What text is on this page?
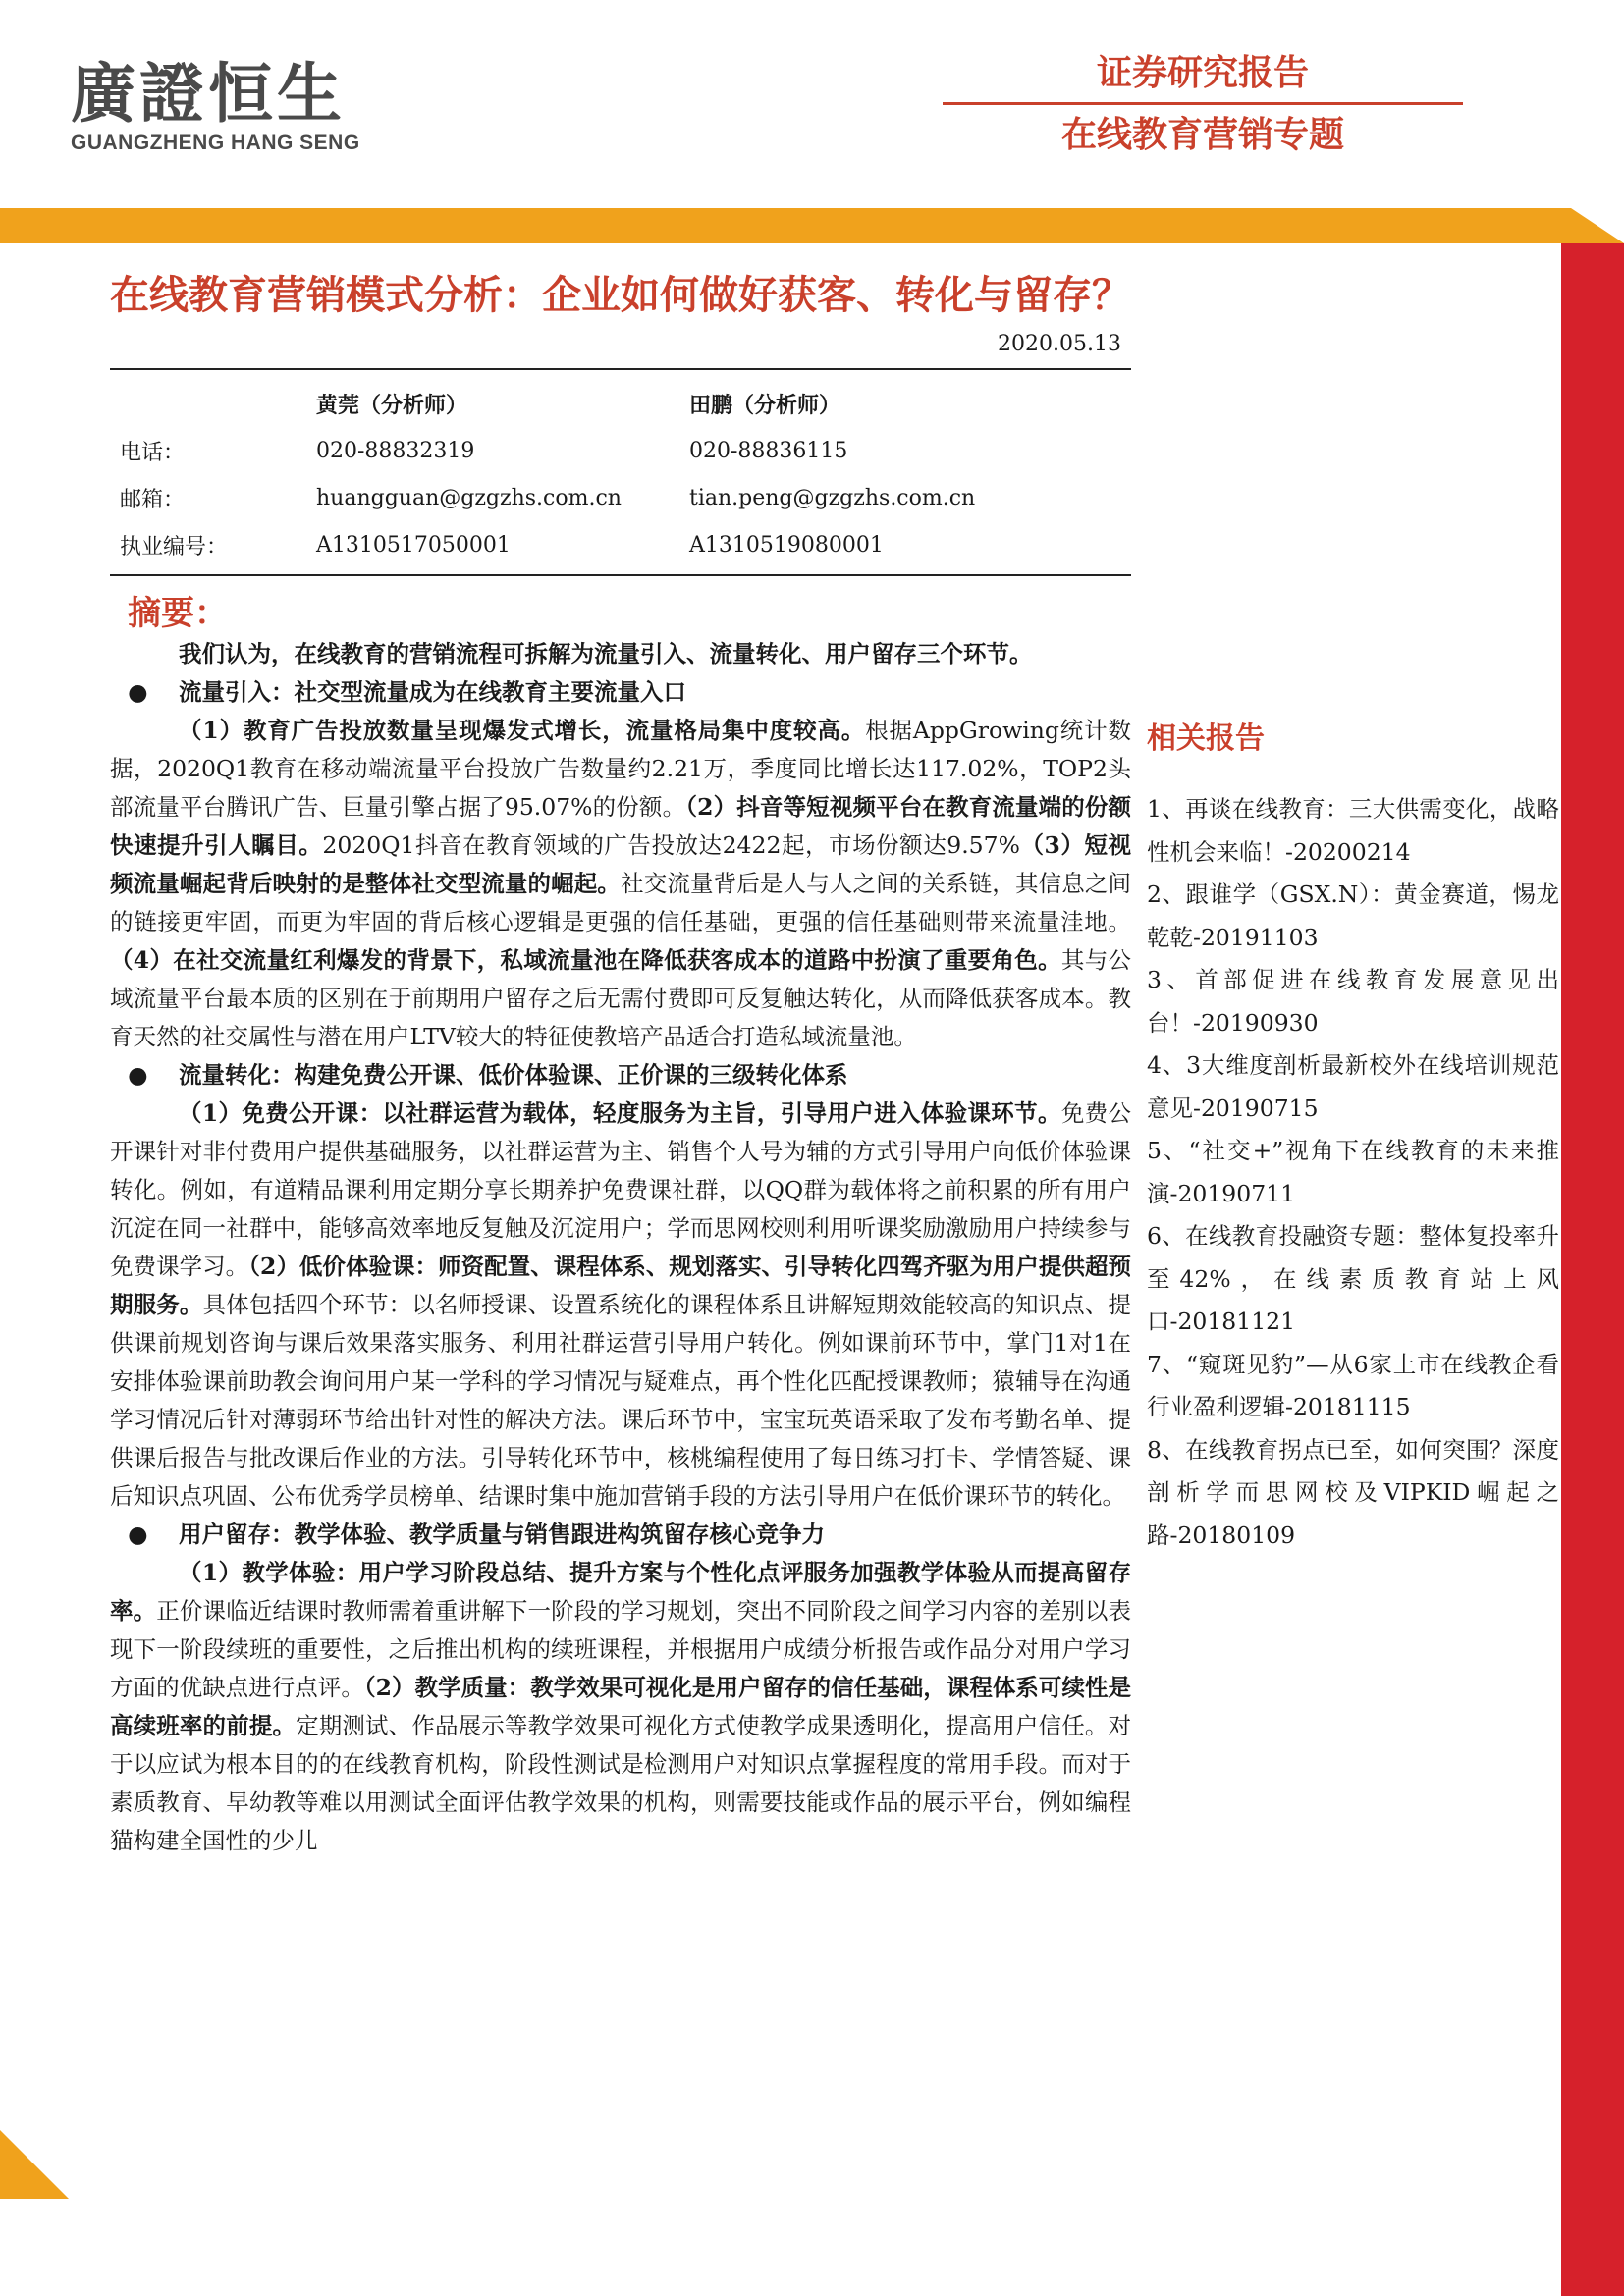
廣證恒生
GUANGZHENG HANG SENG
证券研究报告
在线教育营销专题
在线教育营销模式分析：企业如何做好获客、转化与留存？
2020.05.13
黄莞（分析师）	田鹏（分析师）
电话：	020-88832319	020-88836115
邮箱：	huangguan@gzgzhs.com.cn	tian.peng@gzgzhs.com.cn
执业编号：	A1310517050001	A1310519080001
摘要：
我们认为，在线教育的营销流程可拆解为流量引入、流量转化、用户留存三个环节。
●	流量引入：社交型流量成为在线教育主要流量入口
（1）教育广告投放数量呈现爆发式增长，流量格局集中度较高。根据AppGrowing统计数据，2020Q1教育在移动端流量平台投放广告数量约2.21万，季度同比增长达117.02%，TOP2头部流量平台腾讯广告、巨量引擎占据了95.07%的份额。（2）抖音等短视频平台在教育流量端的份额快速提升引人瞩目。2020Q1抖音在教育领域的广告投放达2422起，市场份额达9.57%（3）短视频流量崛起背后映射的是整体社交型流量的崛起。社交流量背后是人与人之间的关系链，其信息之间的链接更牢固，而更为牢固的背后核心逻辑是更强的信任基础，更强的信任基础则带来流量洼地。（4）在社交流量红利爆发的背景下，私域流量池在降低获客成本的道路中扮演了重要角色。其与公域流量平台最本质的区别在于前期用户留存之后无需付费即可反复触达转化，从而降低获客成本。教育天然的社交属性与潜在用户LTV较大的特征使教培产品适合打造私域流量池。
●	流量转化：构建免费公开课、低价体验课、正价课的三级转化体系
（1）免费公开课：以社群运营为载体，轻度服务为主旨，引导用户进入体验课环节。免费公开课针对非付费用户提供基础服务，以社群运营为主、销售个人号为辅的方式引导用户向低价体验课转化。例如，有道精品课利用定期分享长期养护免费课社群，以QQ群为载体将之前积累的所有用户沉淀在同一社群中，能够高效率地反复触及沉淀用户；学而思网校则利用听课奖励激励用户持续参与免费课学习。（2）低价体验课：师资配置、课程体系、规划落实、引导转化四驾齐驱为用户提供超预期服务。具体包括四个环节：以名师授课、设置系统化的课程体系且讲解短期效能较高的知识点、提供课前规划咨询与课后效果落实服务、利用社群运营引导用户转化。例如课前环节中，掌门1对1在安排体验课前助教会询问用户某一学科的学习情况与疑难点，再个性化匹配授课教师；猿辅导在沟通学习情况后针对薄弱环节给出针对性的解决方法。课后环节中，宝宝玩英语采取了发布考勤名单、提供课后报告与批改课后作业的方法。引导转化环节中，核桃编程使用了每日练习打卡、学情答疑、课后知识点巩固、公布优秀学员榜单、结课时集中施加营销手段的方法引导用户在低价课环节的转化。
●	用户留存：教学体验、教学质量与销售跟进构筑留存核心竞争力
（1）教学体验：用户学习阶段总结、提升方案与个性化点评服务加强教学体验从而提高留存率。正价课临近结课时教师需着重讲解下一阶段的学习规划，突出不同阶段之间学习内容的差别以表现下一阶段续班的重要性，之后推出机构的续班课程，并根据用户成绩分析报告或作品分对用户学习方面的优缺点进行点评。（2）教学质量：教学效果可视化是用户留存的信任基础，课程体系可续性是高续班率的前提。定期测试、作品展示等教学效果可视化方式使教学成果透明化，提高用户信任。对于以应试为根本目的的在线教育机构，阶段性测试是检测用户对知识点掌握程度的常用手段。而对于素质教育、早幼教等难以用测试全面评估教学效果的机构，则需要技能或作品的展示平台，例如编程猫构建全国性的少儿
相关报告
1、再谈在线教育：三大供需变化，战略性机会来临！-20200214
2、跟谁学（GSX.N）：黄金赛道，惕龙乾乾-20191103
3、首部促进在线教育发展意见出台！-20190930
4、3大维度剖析最新校外在线培训规范意见-20190715
5、“社交+”视角下在线教育的未来推演-20190711
6、在线教育投融资专题：整体复投率升至42%，在线素质教育站上风口-20181121
7、“窥斑见豹”—从6家上市在线教企看行业盈利逻辑-20181115
8、在线教育拐点已至，如何突围？深度剖析学而思网校及VIPKID崛起之路-20180109
